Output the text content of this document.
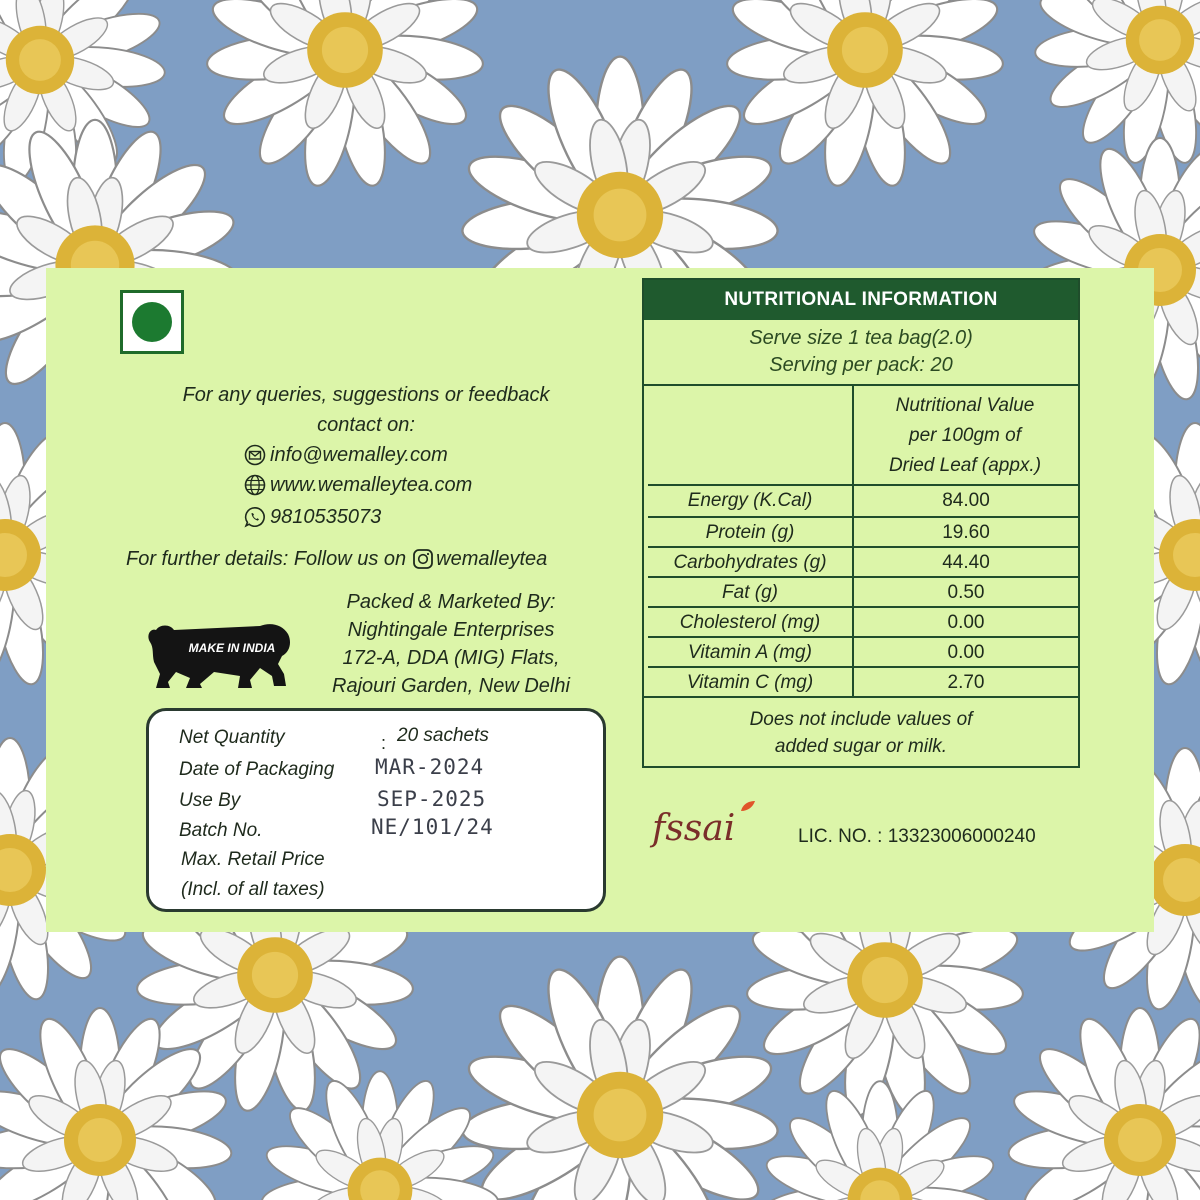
For any queries, suggestions or feedback
contact on:
info@wemalley.com
www.wemalleytea.com
9810535073
For further details: Follow us on wemalleytea
Packed & Marketed By:
Nightingale Enterprises
172-A, DDA (MIG) Flats,
Rajouri Garden, New Delhi
MAKE IN INDIA
Net Quantity	: 20 sachets
Date of Packaging MAR-2024
Use By	SEP-2025
Batch No.	NE/101/24
Max. Retail Price
(Incl. of all taxes)
NUTRITIONAL INFORMATION
Serve size 1 tea bag(2.0)
Serving per pack: 20
Nutritional Value
per 100gm of
Dried Leaf (appx.)
Energy (K.Cal)	84.00
Protein (g)	19.60
Carbohydrates (g)	44.40
Fat (g)	0.50
Cholesterol (mg)	0.00
Vitamin A (mg)	0.00
Vitamin C (mg)	2.70
Does not include values of
added sugar or milk.
fssai	LIC. NO. : 13323006000240
